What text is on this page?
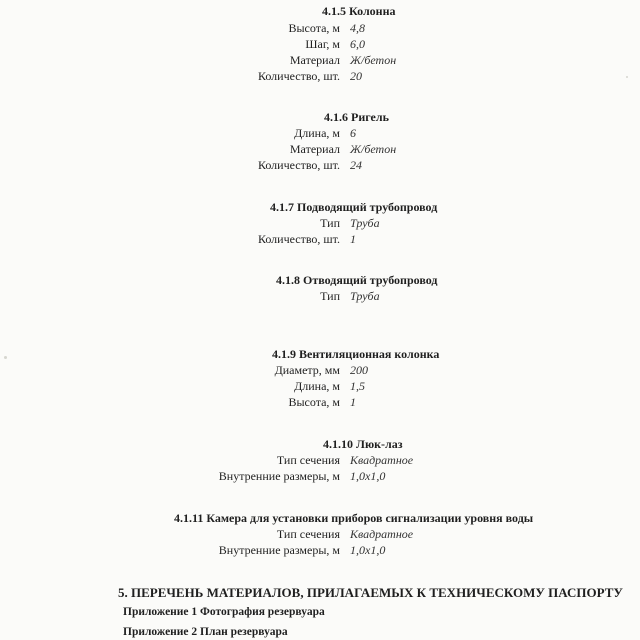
4.1.5 Колонна
Высота, м 4,8
Шаг, м 6,0
Материал Ж/бетон
Количество, шт. 20
4.1.6 Ригель
Длина, м 6
Материал Ж/бетон
Количество, шт. 24
4.1.7 Подводящий трубопровод
Тип Труба
Количество, шт. 1
4.1.8 Отводящий трубопровод
Тип Труба
4.1.9 Вентиляционная колонка
Диаметр, мм 200
Длина, м 1,5
Высота, м 1
4.1.10 Люк-лаз
Тип сечения Квадратное
Внутренние размеры, м 1,0x1,0
4.1.11 Камера для установки приборов сигнализации уровня воды
Тип сечения Квадратное
Внутренние размеры, м 1,0x1,0
5. ПЕРЕЧЕНЬ МАТЕРИАЛОВ, ПРИЛАГАЕМЫХ К ТЕХНИЧЕСКОМУ ПАСПОРТУ
Приложение 1 Фотография резервуара
Приложение 2 План резервуара
